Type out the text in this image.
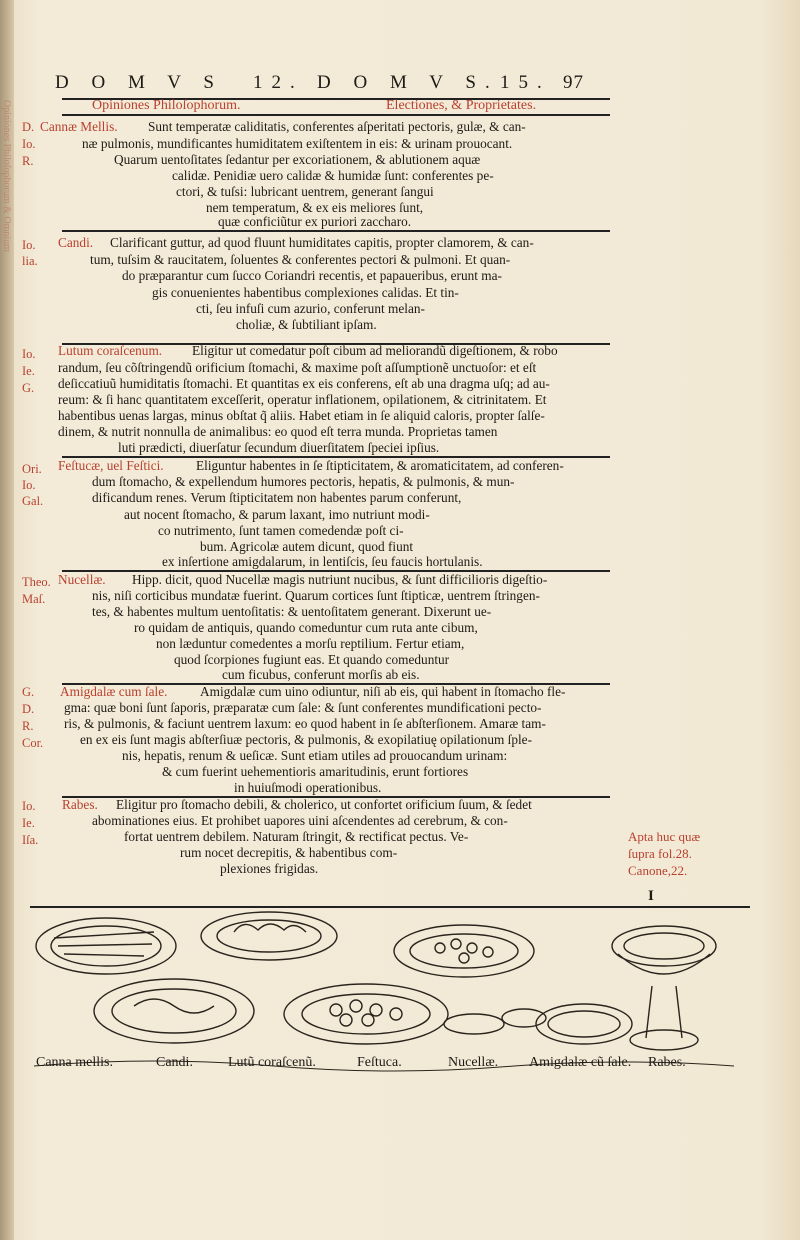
Opiniones Philoſophorum & Omnium
D O M V S 12. D O M V S. 15. 97
Opiniones Philoſophorum.	Electiones, & Proprietates.
D.
Io.
R.
Cannæ Mellis. Sunt temperatæ caliditatis, conferentes aſperitati pectoris, gulæ, & can-
næ pulmonis, mundificantes humiditatem exiſtentem in eis: & urinam prouocant.
Quarum uentoſitates ſedantur per excoriationem, & ablutionem aquæ
calidæ. Penidiæ uero calidæ & humidæ ſunt: conferentes pe-
ctori, & tuſsi: lubricant uentrem, generant ſangui
nem temperatum, & ex eis meliores ſunt,
quæ conficiũtur ex puriori zaccharo.
Io.
lia.
Candi. Clarificant guttur, ad quod fluunt humiditates capitis, propter clamorem, & can-
tum, tuſsim & raucitatem, ſoluentes & conferentes pectori & pulmoni. Et quan-
do præparantur cum ſucco Coriandri recentis, et papaueribus, erunt ma-
gis conuenientes habentibus complexiones calidas. Et tin-
cti, ſeu infuſi cum azurio, conferunt melan-
choliæ, & ſubtiliant ipſam.
Io.
Ie.
G.
Lutum coraſcenum. Eligitur ut comedatur poſt cibum ad meliorandũ digeſtionem, & robo
randum, ſeu cõſtringendũ orificium ſtomachi, & maxime poſt aſſumptionẽ unctuoſor: et eſt
deſiccatiuũ humiditatis ſtomachi. Et quantitas ex eis conferens, eſt ab una dragma uſq; ad au-
reum: & ſi hanc quantitatem exceſſerit, operatur inflationem, opilationem, & citrinitatem. Et
habentibus uenas largas, minus obſtat q̃ aliis. Habet etiam in ſe aliquid caloris, propter ſalſe-
dinem, & nutrit nonnulla de animalibus: eo quod eſt terra munda. Proprietas tamen
luti prædicti, diuerſatur ſecundum diuerſitatem ſpeciei ipſius.
Ori.
Io.
Gal.
Feſtucæ, uel Feſtici. Eliguntur habentes in ſe ſtipticitatem, & aromaticitatem, ad conferen-
dum ſtomacho, & expellendum humores pectoris, hepatis, & pulmonis, & mun-
dificandum renes. Verum ſtipticitatem non habentes parum conferunt,
aut nocent ſtomacho, & parum laxant, imo nutriunt modi-
co nutrimento, ſunt tamen comedendæ poſt ci-
bum. Agricolæ autem dicunt, quod fiunt
ex inſertione amigdalarum, in lentiſcis, ſeu faucis hortulanis.
Theo.
Maſ.
Nucellæ. Hipp. dicit, quod Nucellæ magis nutriunt nucibus, & ſunt difficilioris digeſtio-
nis, niſi corticibus mundatæ fuerint. Quarum cortices ſunt ſtipticæ, uentrem ſtringen-
tes, & habentes multum uentoſitatis: & uentoſitatem generant. Dixerunt ue-
ro quidam de antiquis, quando comeduntur cum ruta ante cibum,
non læduntur comedentes a morſu reptilium. Fertur etiam,
quod ſcorpiones fugiunt eas. Et quando comeduntur
cum ficubus, conferunt morſis ab eis.
G.
D.
R.
Cor.
Amigdalæ cum ſale. Amigdalæ cum uino odiuntur, niſi ab eis, qui habent in ſtomacho fle-
gma: quæ boni ſunt ſaporis, præparatæ cum ſale: & ſunt conferentes mundificationi pecto-
ris, & pulmonis, & faciunt uentrem laxum: eo quod habent in ſe abſterſionem. Amaræ tam-
en ex eis ſunt magis abſterſiuæ pectoris, & pulmonis, & exopilatiuę opilationum ſple-
nis, hepatis, renum & ueſicæ. Sunt etiam utiles ad prouocandum urinam:
& cum fuerint uehementioris amaritudinis, erunt fortiores
in huiuſmodi operationibus.
Io.
Ie.
Iſa.
Rabes. Eligitur pro ſtomacho debili, & cholerico, ut confortet orificium ſuum, & ſedet
abominationes eius. Et prohibet uapores uini aſcendentes ad cerebrum, & con-
fortat uentrem debilem. Naturam ſtringit, & rectificat pectus. Ve-
rum nocet decrepitis, & habentibus com-
plexiones frigidas.
Apta huc quæ
ſupra fol.28.
Canone,22.
I
Canna mellis.	Candi.	Lutũ coraſcenũ.	Feſtuca.	Nucellæ. Amigdalæ cũ ſale. Rabes.
